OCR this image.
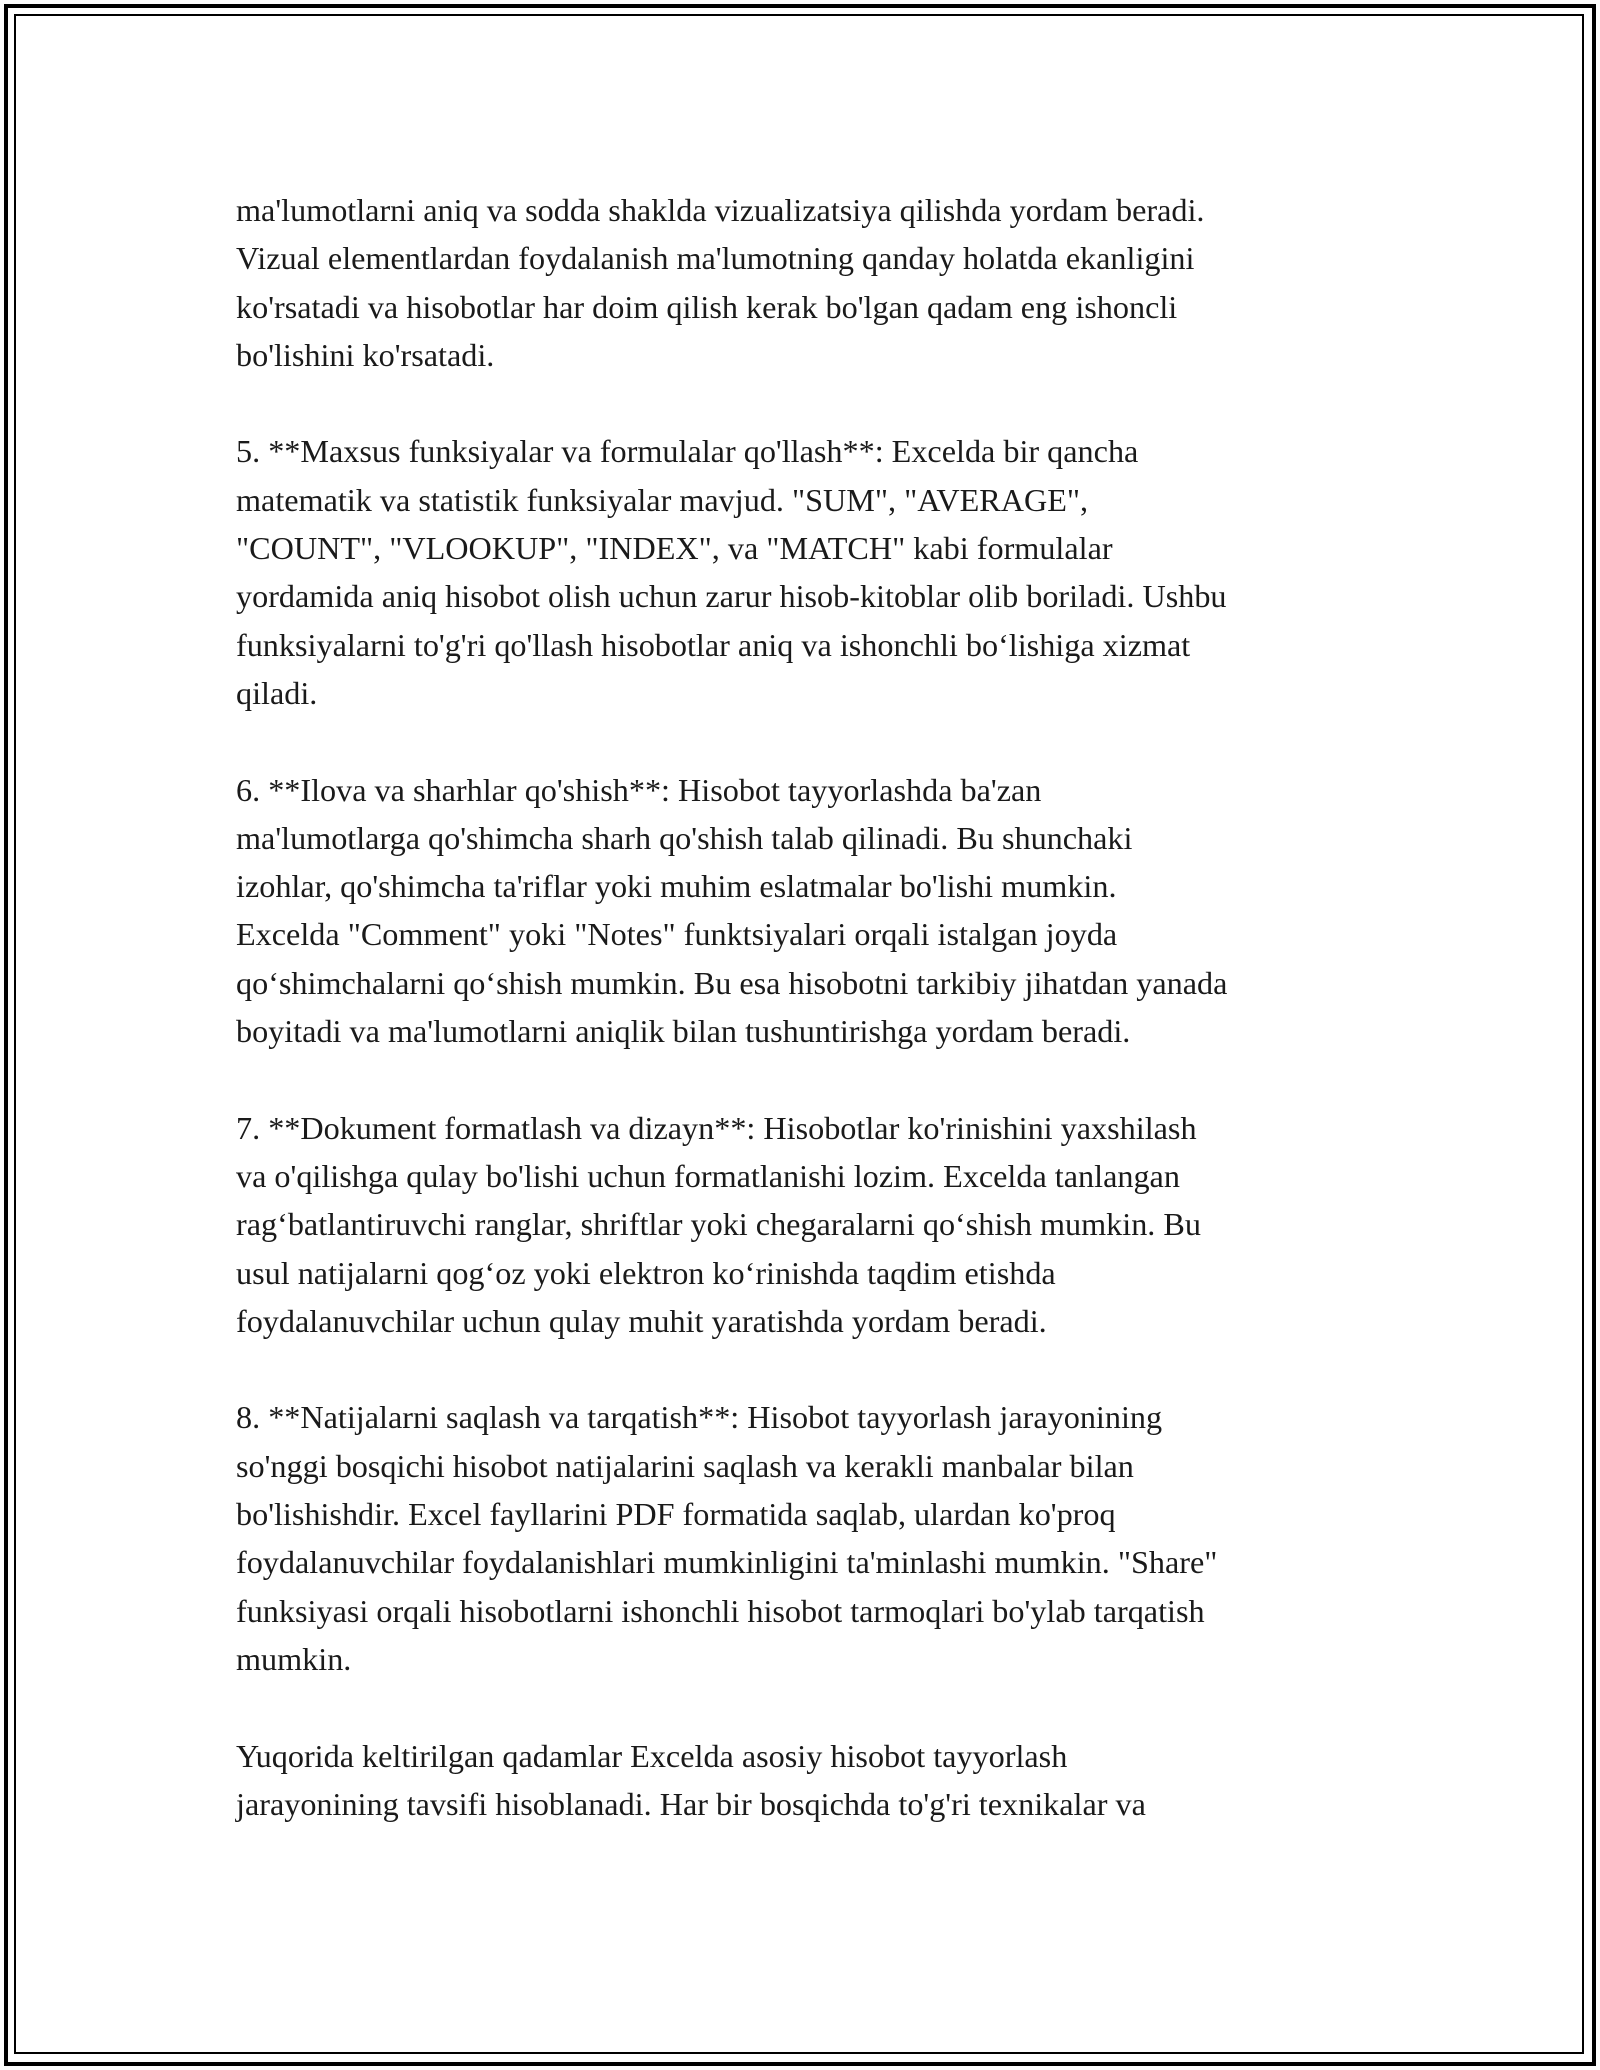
ma'lumotlarni aniq va sodda shaklda vizualizatsiya qilishda yordam beradi.
Vizual elementlardan foydalanish ma'lumotning qanday holatda ekanligini
ko'rsatadi va hisobotlar har doim qilish kerak bo'lgan qadam eng ishoncli
bo'lishini ko'rsatadi.

5. **Maxsus funksiyalar va formulalar qo'llash**: Excelda bir qancha
matematik va statistik funksiyalar mavjud. "SUM", "AVERAGE",
"COUNT", "VLOOKUP", "INDEX", va "MATCH" kabi formulalar
yordamida aniq hisobot olish uchun zarur hisob-kitoblar olib boriladi. Ushbu
funksiyalarni to'g'ri qo'llash hisobotlar aniq va ishonchli bo‘lishiga xizmat
qiladi.

6. **Ilova va sharhlar qo'shish**: Hisobot tayyorlashda ba'zan
ma'lumotlarga qo'shimcha sharh qo'shish talab qilinadi. Bu shunchaki
izohlar, qo'shimcha ta'riflar yoki muhim eslatmalar bo'lishi mumkin.
Excelda "Comment" yoki "Notes" funktsiyalari orqali istalgan joyda
qo‘shimchalarni qo‘shish mumkin. Bu esa hisobotni tarkibiy jihatdan yanada
boyitadi va ma'lumotlarni aniqlik bilan tushuntirishga yordam beradi.

7. **Dokument formatlash va dizayn**: Hisobotlar ko'rinishini yaxshilash
va o'qilishga qulay bo'lishi uchun formatlanishi lozim. Excelda tanlangan
rag‘batlantiruvchi ranglar, shriftlar yoki chegaralarni qo‘shish mumkin. Bu
usul natijalarni qog‘oz yoki elektron ko‘rinishda taqdim etishda
foydalanuvchilar uchun qulay muhit yaratishda yordam beradi.

8. **Natijalarni saqlash va tarqatish**: Hisobot tayyorlash jarayonining
so'nggi bosqichi hisobot natijalarini saqlash va kerakli manbalar bilan
bo'lishishdir. Excel fayllarini PDF formatida saqlab, ulardan ko'proq
foydalanuvchilar foydalanishlari mumkinligini ta'minlashi mumkin. "Share"
funksiyasi orqali hisobotlarni ishonchli hisobot tarmoqlari bo'ylab tarqatish
mumkin.

Yuqorida keltirilgan qadamlar Excelda asosiy hisobot tayyorlash
jarayonining tavsifi hisoblanadi. Har bir bosqichda to'g'ri texnikalar va
